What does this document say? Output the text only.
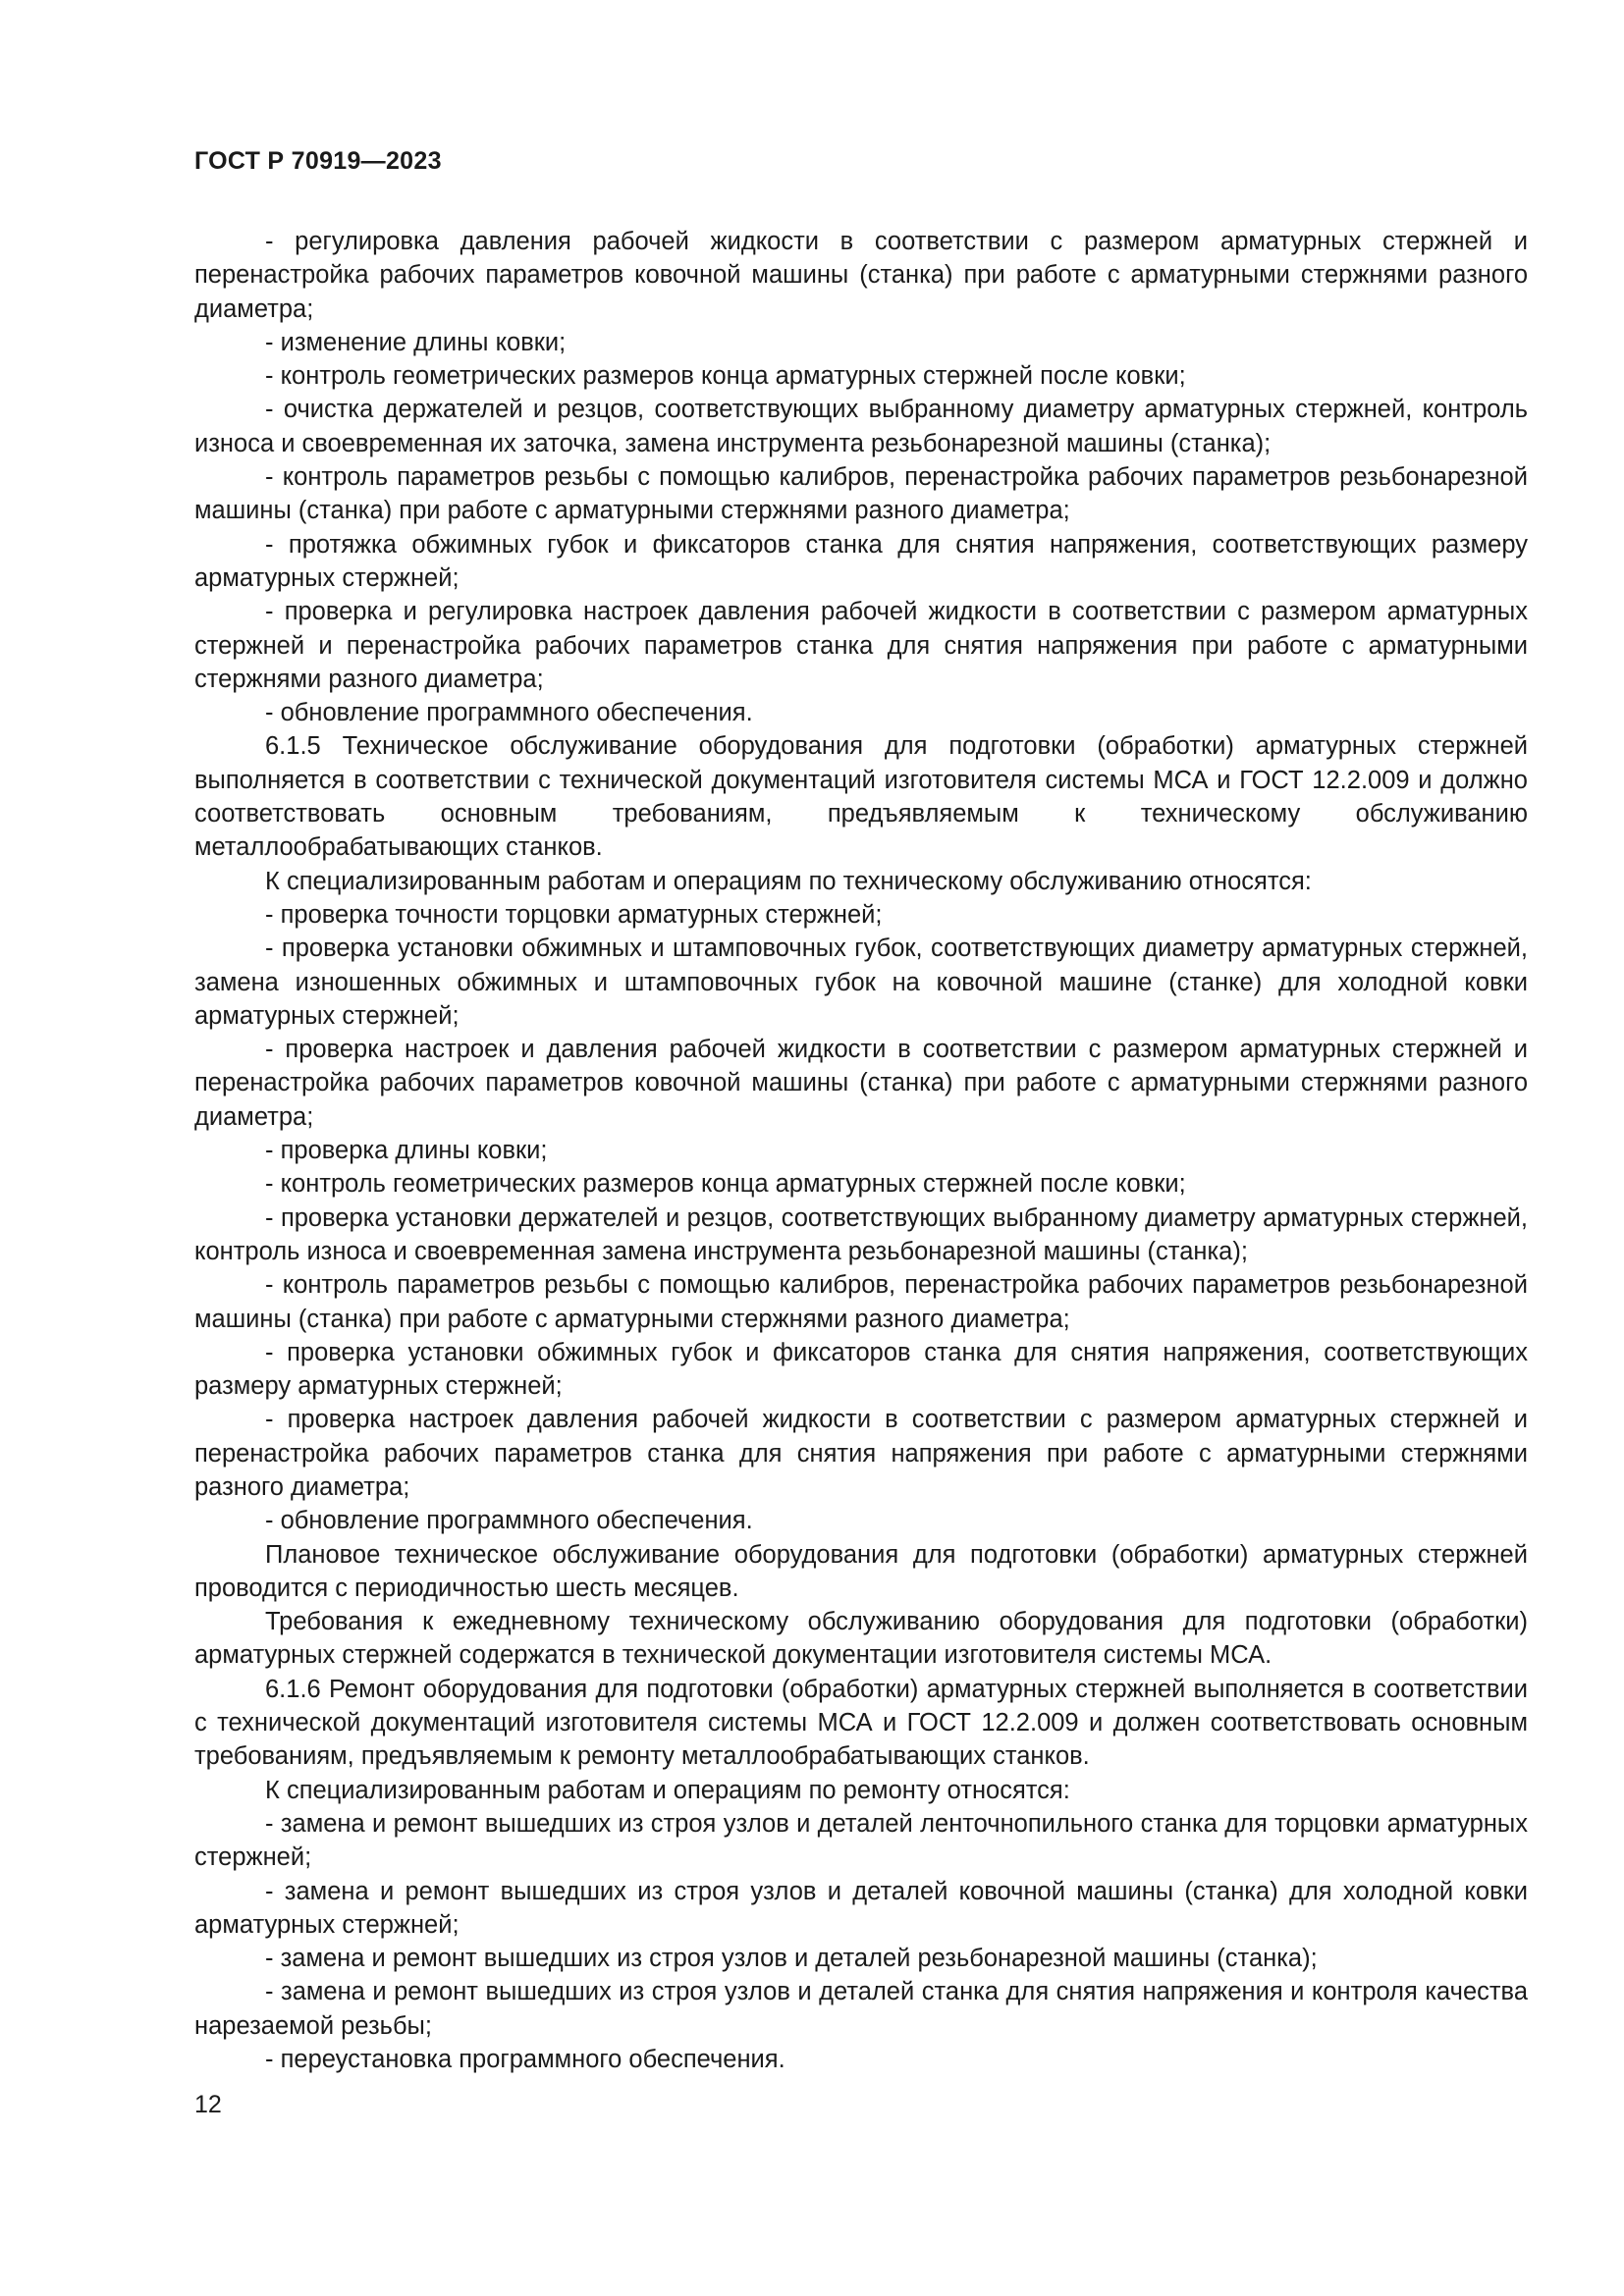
ГОСТ Р 70919—2023

- регулировка давления рабочей жидкости в соответствии с размером арматурных стержней и перенастройка рабочих параметров ковочной машины (станка) при работе с арматурными стержнями разного диаметра;

- изменение длины ковки;

- контроль геометрических размеров конца арматурных стержней после ковки;

- очистка держателей и резцов, соответствующих выбранному диаметру арматурных стержней, контроль износа и своевременная их заточка, замена инструмента резьбонарезной машины (станка);

- контроль параметров резьбы с помощью калибров, перенастройка рабочих параметров резьбонарезной машины (станка) при работе с арматурными стержнями разного диаметра;

- протяжка обжимных губок и фиксаторов станка для снятия напряжения, соответствующих размеру арматурных стержней;

- проверка и регулировка настроек давления рабочей жидкости в соответствии с размером арматурных стержней и перенастройка рабочих параметров станка для снятия напряжения при работе с арматурными стержнями разного диаметра;

- обновление программного обеспечения.

6.1.5 Техническое обслуживание оборудования для подготовки (обработки) арматурных стержней выполняется в соответствии с технической документаций изготовителя системы МСА и ГОСТ 12.2.009 и должно соответствовать основным требованиям, предъявляемым к техническому обслуживанию металлообрабатывающих станков.

К специализированным работам и операциям по техническому обслуживанию относятся:

- проверка точности торцовки арматурных стержней;

- проверка установки обжимных и штамповочных губок, соответствующих диаметру арматурных стержней, замена изношенных обжимных и штамповочных губок на ковочной машине (станке) для холодной ковки арматурных стержней;

- проверка настроек и давления рабочей жидкости в соответствии с размером арматурных стержней и перенастройка рабочих параметров ковочной машины (станка) при работе с арматурными стержнями разного диаметра;

- проверка длины ковки;

- контроль геометрических размеров конца арматурных стержней после ковки;

- проверка установки держателей и резцов, соответствующих выбранному диаметру арматурных стержней, контроль износа и своевременная замена инструмента резьбонарезной машины (станка);

- контроль параметров резьбы с помощью калибров, перенастройка рабочих параметров резьбонарезной машины (станка) при работе с арматурными стержнями разного диаметра;

- проверка установки обжимных губок и фиксаторов станка для снятия напряжения, соответствующих размеру арматурных стержней;

- проверка настроек давления рабочей жидкости в соответствии с размером арматурных стержней и перенастройка рабочих параметров станка для снятия напряжения при работе с арматурными стержнями разного диаметра;

- обновление программного обеспечения.

Плановое техническое обслуживание оборудования для подготовки (обработки) арматурных стержней проводится с периодичностью шесть месяцев.

Требования к ежедневному техническому обслуживанию оборудования для подготовки (обработки) арматурных стержней содержатся в технической документации изготовителя системы МСА.

6.1.6 Ремонт оборудования для подготовки (обработки) арматурных стержней выполняется в соответствии с технической документаций изготовителя системы МСА и ГОСТ 12.2.009 и должен соответствовать основным требованиям, предъявляемым к ремонту металлообрабатывающих станков.

К специализированным работам и операциям по ремонту относятся:

- замена и ремонт вышедших из строя узлов и деталей ленточнопильного станка для торцовки арматурных стержней;

- замена и ремонт вышедших из строя узлов и деталей ковочной машины (станка) для холодной ковки арматурных стержней;

- замена и ремонт вышедших из строя узлов и деталей резьбонарезной машины (станка);

- замена и ремонт вышедших из строя узлов и деталей станка для снятия напряжения и контроля качества нарезаемой резьбы;

- переустановка программного обеспечения.

12
